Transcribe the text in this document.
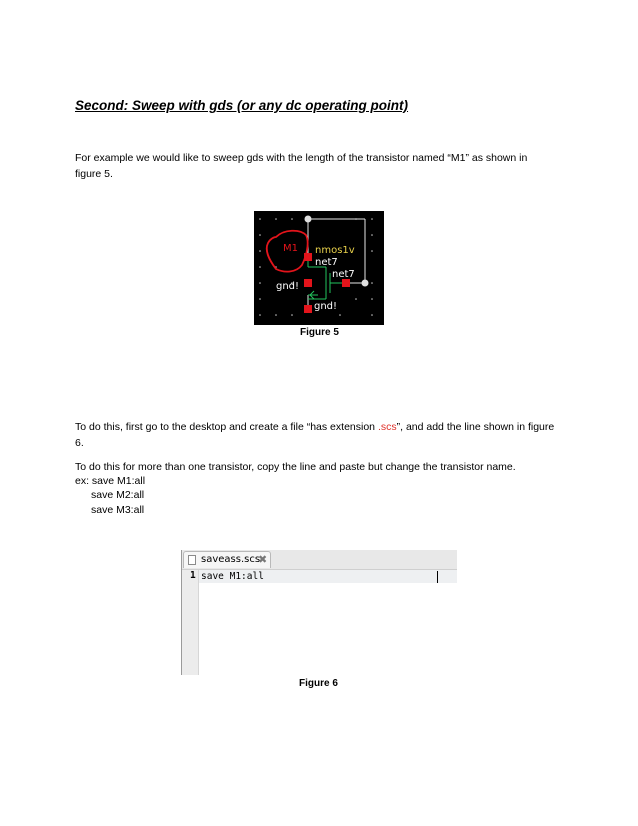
Second: Sweep with gds (or any dc operating point)
For example we would like to sweep gds with the length of the transistor named “M1” as shown in figure 5.
M1 nmos1v
net7
net7
gnd!
gnd!
Figure 5
To do this, first go to the desktop and create a file “has extension .scs”, and add the line shown in figure 6.
To do this for more than one transistor, copy the line and paste but change the transistor name.
ex: save M1:all
save M2:all
save M3:all
saveass.scs
✖
1 save M1:all
Figure 6
